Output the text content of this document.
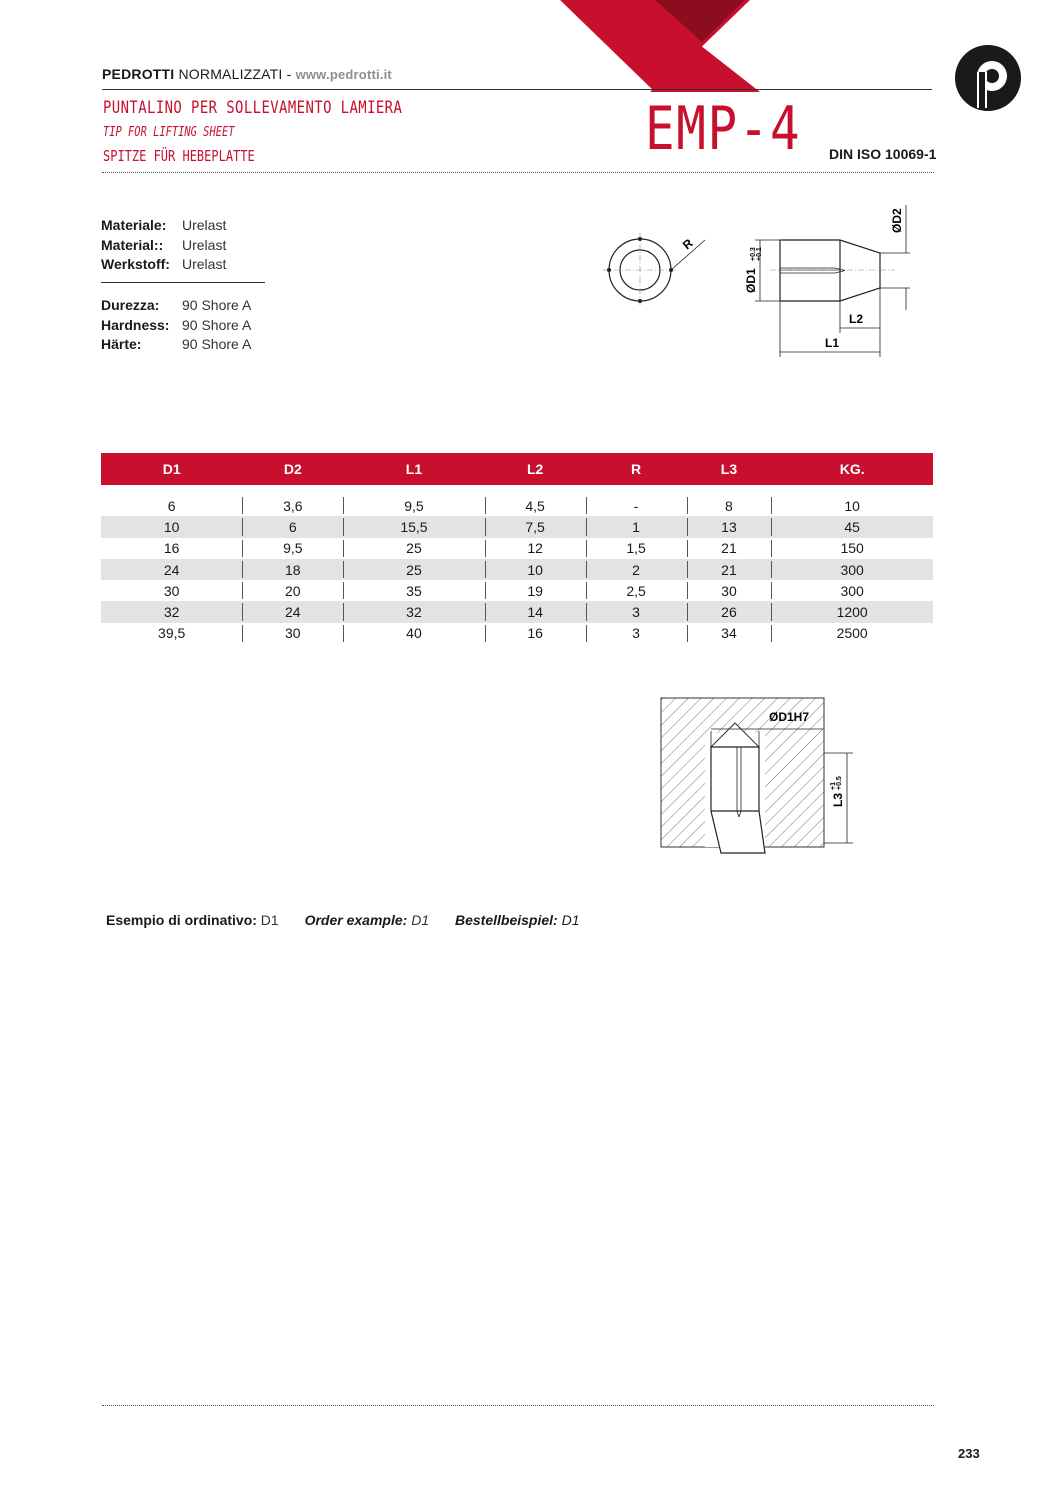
PEDROTTI NORMALIZZATI - www.pedrotti.it
PUNTALINO PER SOLLEVAMENTO LAMIERA
TIP FOR LIFTING SHEET
SPITZE FÜR HEBEPLATTE	EMP-4 DIN ISO 10069-1
Materiale: Urelast
Material:: Urelast
Werkstoff: Urelast
Durezza: 90 Shore A
Hardness: 90 Shore A
Härte:	90 Shore A
R
ØD1
+0.3 +0.1
ØD2
L2
L1
D1	D2	L1	L2	R	L3	KG.

6	3,6	9,5	4,5	-	8	10
10	6	15,5	7,5	1	13	45
16	9,5	25	12	1,5	21	150
24	18	25	10	2	21	300
30	20	35	19	2,5	30	300
32	24	32	14	3	26	1200
39,5	30	40	16	3	34	2500
ØD1H7
L3
+1 +0.5
Esempio di ordinativo: D1 Order example: D1 Bestellbeispiel: D1
233
